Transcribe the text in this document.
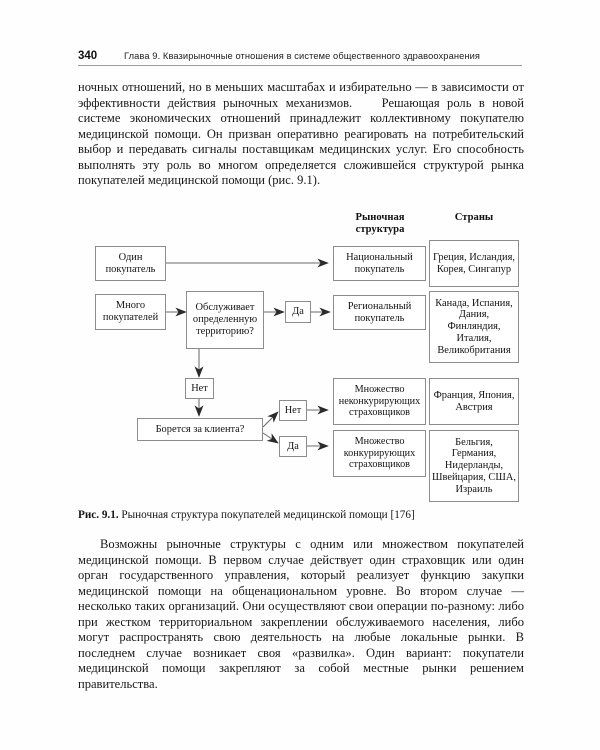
340	Глава 9. Квазирыночные отношения в системе общественного здравоохранения
ночных отношений, но в меньших масштабах и избирательно — в зависимости от эффективности действия рыночных механизмов. Решающая роль в новой системе экономических отношений принадлежит коллективному покупателю медицинской помощи. Он призван оперативно реагировать на потребительский выбор и передавать сигналы поставщикам медицинских услуг. Его способность выполнять эту роль во многом определяется сложившейся структурой рынка покупателей медицинской помощи (рис. 9.1).
Рыночная структура
Страны
Один покупатель
Много покупателей
Обслуживает определенную территорию?
Да
Нет
Борется за клиента?
Нет
Да
Национальный покупатель
Региональный покупатель
Множество неконкурирующих страховщиков
Множество конкурирующих страховщиков
Греция, Исландия, Корея, Сингапур
Канада, Испания, Дания, Финляндия, Италия, Великобритания
Франция, Япония, Австрия
Бельгия, Германия, Нидерланды, Швейцария, США, Израиль
Рис. 9.1. Рыночная структура покупателей медицинской помощи [176]
Возможны рыночные структуры с одним или множеством покупателей медицинской помощи. В первом случае действует один страховщик или один орган государственного управления, который реализует функцию закупки медицинской помощи на общенациональном уровне. Во втором случае — несколько таких организаций. Они осуществляют свои операции по-разному: либо при жестком территориальном закреплении обслуживаемого населения, либо могут распространять свою деятельность на любые локальные рынки. В последнем случае возникает своя «развилка». Один вариант: покупатели медицинской помощи закрепляют за собой местные рынки решением правительства.
